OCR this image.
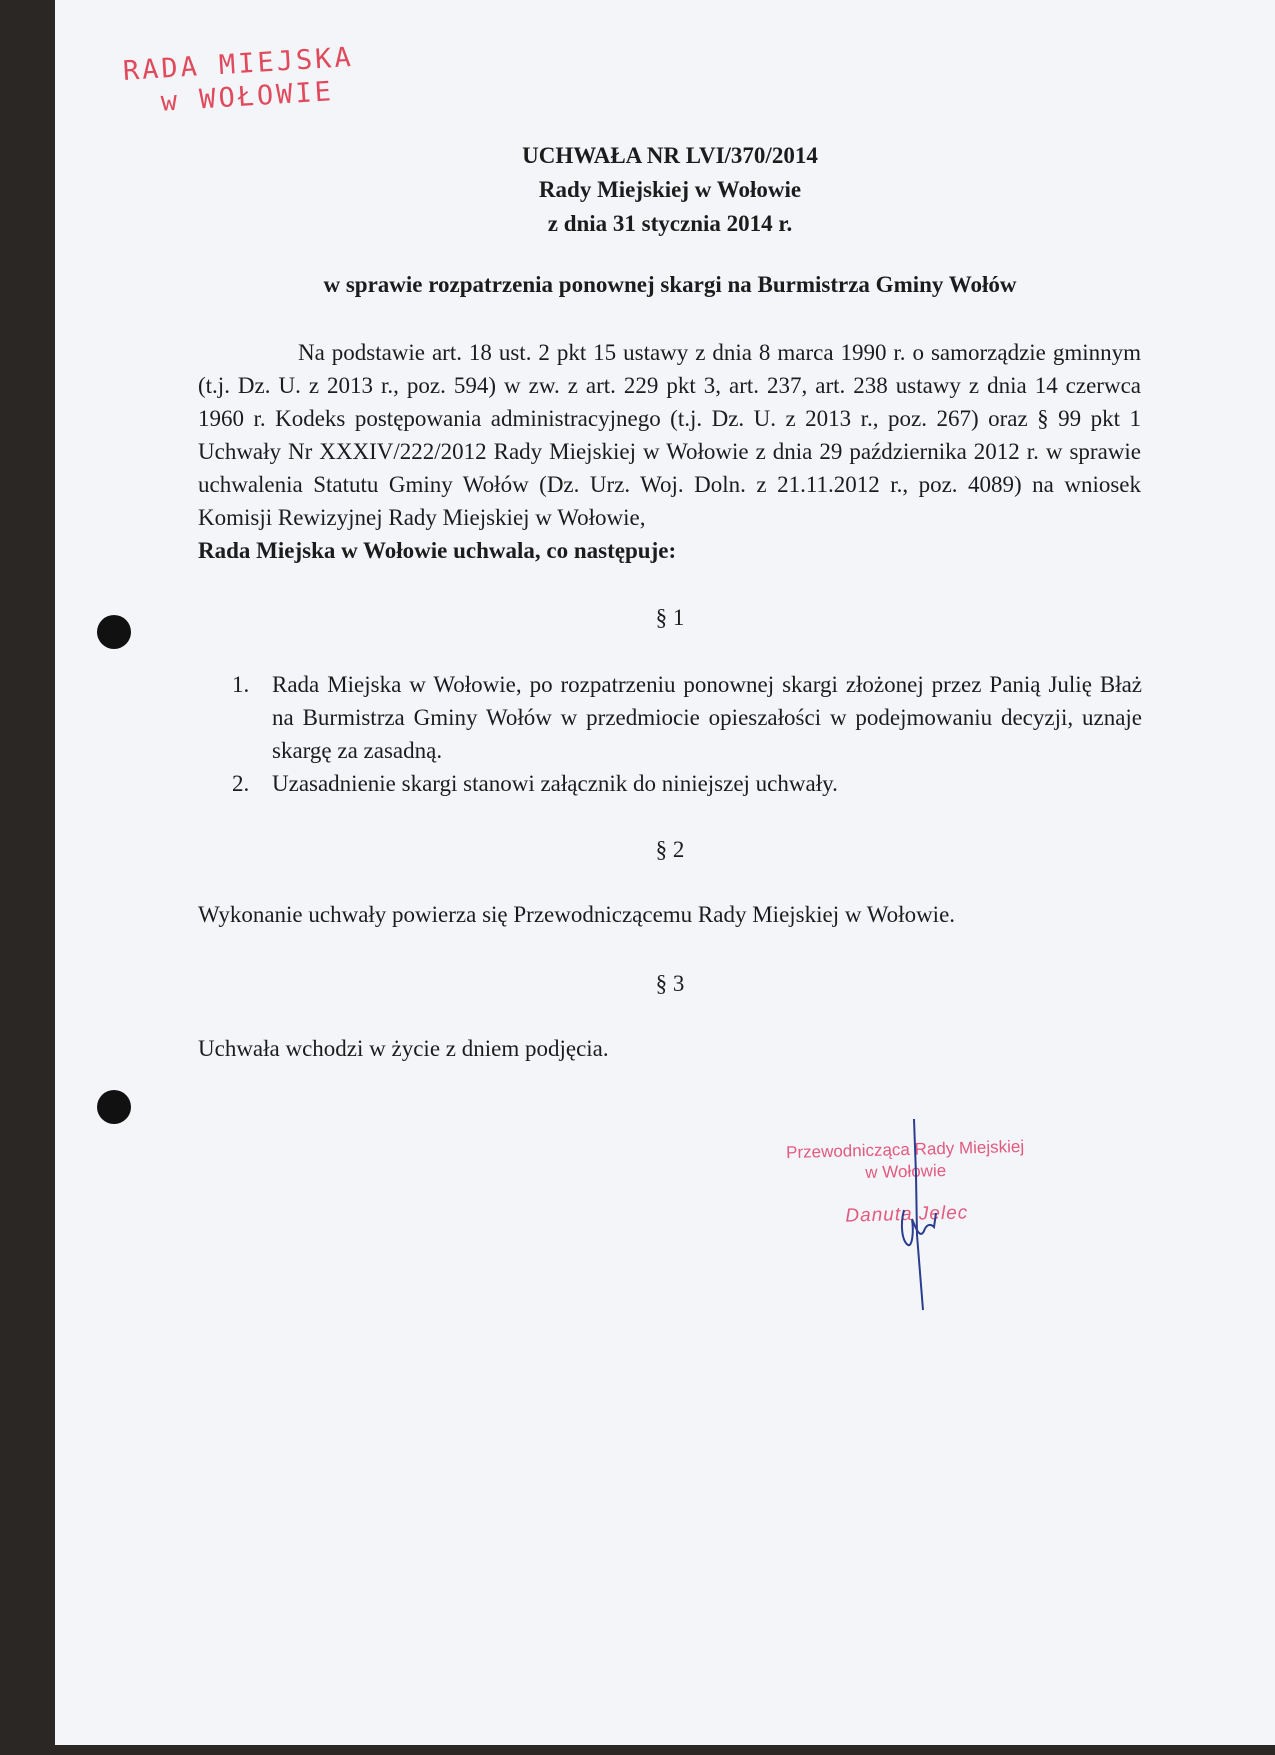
RADA MIEJSKA
w WOŁOWIE
UCHWAŁA NR LVI/370/2014
Rady Miejskiej w Wołowie
z dnia 31 stycznia 2014 r.
w sprawie rozpatrzenia ponownej skargi na Burmistrza Gminy Wołów
Na podstawie art. 18 ust. 2 pkt 15 ustawy z dnia 8 marca 1990 r. o samorządzie gminnym (t.j. Dz. U. z 2013 r., poz. 594) w zw. z art. 229 pkt 3, art. 237, art. 238 ustawy z dnia 14 czerwca 1960 r. Kodeks postępowania administracyjnego (t.j. Dz. U. z 2013 r., poz. 267) oraz § 99 pkt 1 Uchwały Nr XXXIV/222/2012 Rady Miejskiej w Wołowie z dnia 29 października 2012 r. w sprawie uchwalenia Statutu Gminy Wołów (Dz. Urz. Woj. Doln. z 21.11.2012 r., poz. 4089) na wniosek Komisji Rewizyjnej Rady Miejskiej w Wołowie,
Rada Miejska w Wołowie uchwala, co następuje:
§ 1
1. Rada Miejska w Wołowie, po rozpatrzeniu ponownej skargi złożonej przez Panią Julię Błaż na Burmistrza Gminy Wołów w przedmiocie opieszałości w podejmowaniu decyzji, uznaje skargę za zasadną.
2. Uzasadnienie skargi stanowi załącznik do niniejszej uchwały.
§ 2
Wykonanie uchwały powierza się Przewodniczącemu Rady Miejskiej w Wołowie.
§ 3
Uchwała wchodzi w życie z dniem podjęcia.
Przewodnicząca Rady Miejskiej
w Wołowie
Danuta Jelec
